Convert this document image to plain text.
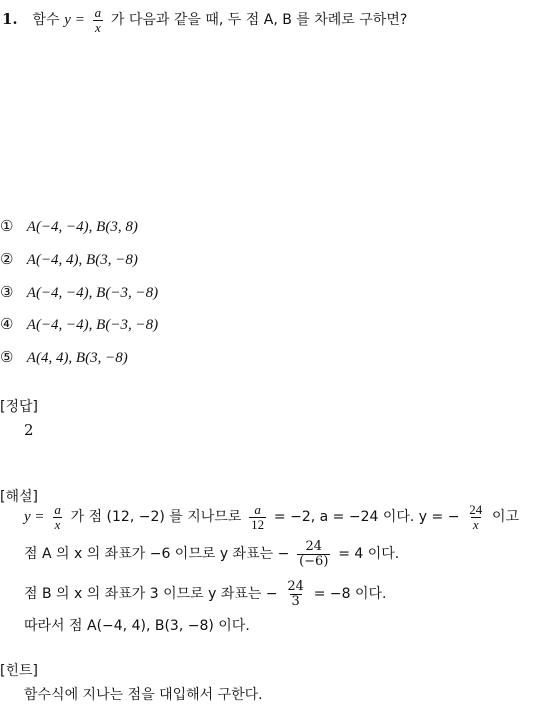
1. 함수 $y = \frac{a}{x}$ 가 다음과 같을 때, 두 점 A, B 를 차례로 구하면?
① A(−4, −4), B(3, 8)
② A(−4, 4), B(3, −8)
③ A(−4, −4), B(−3, −8)
④ A(−4, −4), B(−3, −8)
⑤ A(4, 4), B(3, −8)
[정답]
2
[해설]
$y = \frac{a}{x}$ 가 점 (12, −2) 를 지나므로 $\frac{a}{12} = -2$, a = −24 이다. y = − $\frac{24}{x}$ 이고
점 A 의 x 의 좌표가 −6 이므로 y 좌표는 − $\frac{24}{(-6)} = 4$ 이다.
점 B 의 x 의 좌표가 3 이므로 y 좌표는 − $\frac{24}{3} = -8$ 이다.
따라서 점 A(−4, 4), B(3, −8) 이다.
[힌트]
함수식에 지나는 점을 대입해서 구한다.
